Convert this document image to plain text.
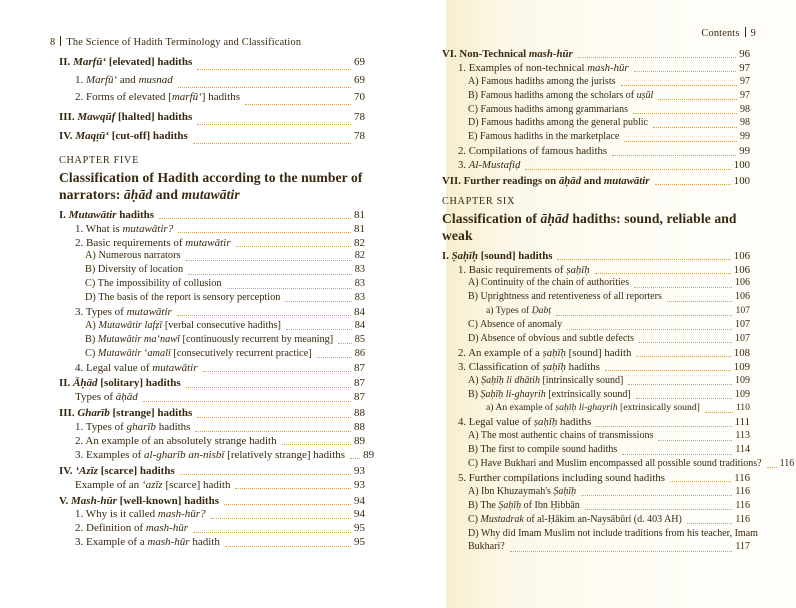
8 The Science of Hadith Terminology and Classification
Contents 9
II. Marfū‘ [elevated] hadiths	69
1. Marfū‘ and musnad	69
2. Forms of elevated [marfū‘] hadiths	70
III. Mawqūf [halted] hadiths	78
IV. Maqṭū‘ [cut-off] hadiths	78
CHAPTER FIVE
Classification of Hadith according to the number of narrators: āḥād and mutawātir
I. Mutawātir hadiths	81
1. What is mutawātir?	81
2. Basic requirements of mutawātir	82
A) Numerous narrators	82
B) Diversity of location	83
C) The impossibility of collusion	83
D) The basis of the report is sensory perception	83
3. Types of mutawātir	84
A) Mutawātir lafẓī [verbal consecutive hadiths]	84
B) Mutawātir ma‘nawī [continuously recurrent by meaning] 85
C) Mutawātir ‘amalī [consecutively recurrent practice]	86
4. Legal value of mutawātir	87
II. Āḥād [solitary] hadiths	87
Types of āḥād	87
III. Gharīb [strange] hadiths	88
1. Types of gharīb hadiths	88
2. An example of an absolutely strange hadith	89
3. Examples of al-gharīb an-nisbī [relatively strange] hadiths 89
IV. ‘Azīz [scarce] hadiths	93
Example of an ‘azīz [scarce] hadith	93
V. Mash-hūr [well-known] hadiths	94
1. Why is it called mash-hūr?	94
2. Definition of mash-hūr	95
3. Example of a mash-hūr hadith	95
VI. Non-Technical mash-hūr	96
1. Examples of non-technical mash-hūr	97
A) Famous hadiths among the jurists	97
B) Famous hadiths among the scholars of uṣūl	97
C) Famous hadiths among grammarians	98
D) Famous hadiths among the general public	98
E) Famous hadiths in the marketplace	99
2. Compilations of famous hadiths	99
3. Al-Mustafiḍ	100
VII. Further readings on āḥād and mutawātir	100
CHAPTER SIX
Classification of āḥād hadiths: sound, reliable and weak
I. Ṣaḥīḥ [sound] hadiths	106
1. Basic requirements of ṣaḥīḥ	106
A) Continuity of the chain of authorities	106
B) Uprightness and retentiveness of all reporters	106
a) Types of Ḍabṭ	107
C) Absence of anomaly	107
D) Absence of obvious and subtle defects	107
2. An example of a ṣaḥīḥ [sound] hadith	108
3. Classification of ṣaḥīḥ hadiths	109
A) Ṣaḥīḥ li dhātih [intrinsically sound]	109
B) Ṣaḥīḥ li-ghayrih [extrinsically sound]	109
a) An example of ṣaḥīḥ li-ghayrih [extrinsically sound]	110
4. Legal value of ṣaḥīḥ hadiths	111
A) The most authentic chains of transmissions	113
B) The first to compile sound hadiths	114
C) Have Bukhari and Muslim encompassed all possible sound traditions? 116
5. Further compilations including sound hadiths	116
A) Ibn Khuzaymah's Ṣaḥīḥ	116
B) The Ṣaḥīḥ of Ibn Ḥibbān	116
C) Mustadrak of al-Ḥākim an-Naysābūri (d. 403 AH)	116
D) Why did Imam Muslim not include traditions from his teacher, Imam
Bukhari?	117
